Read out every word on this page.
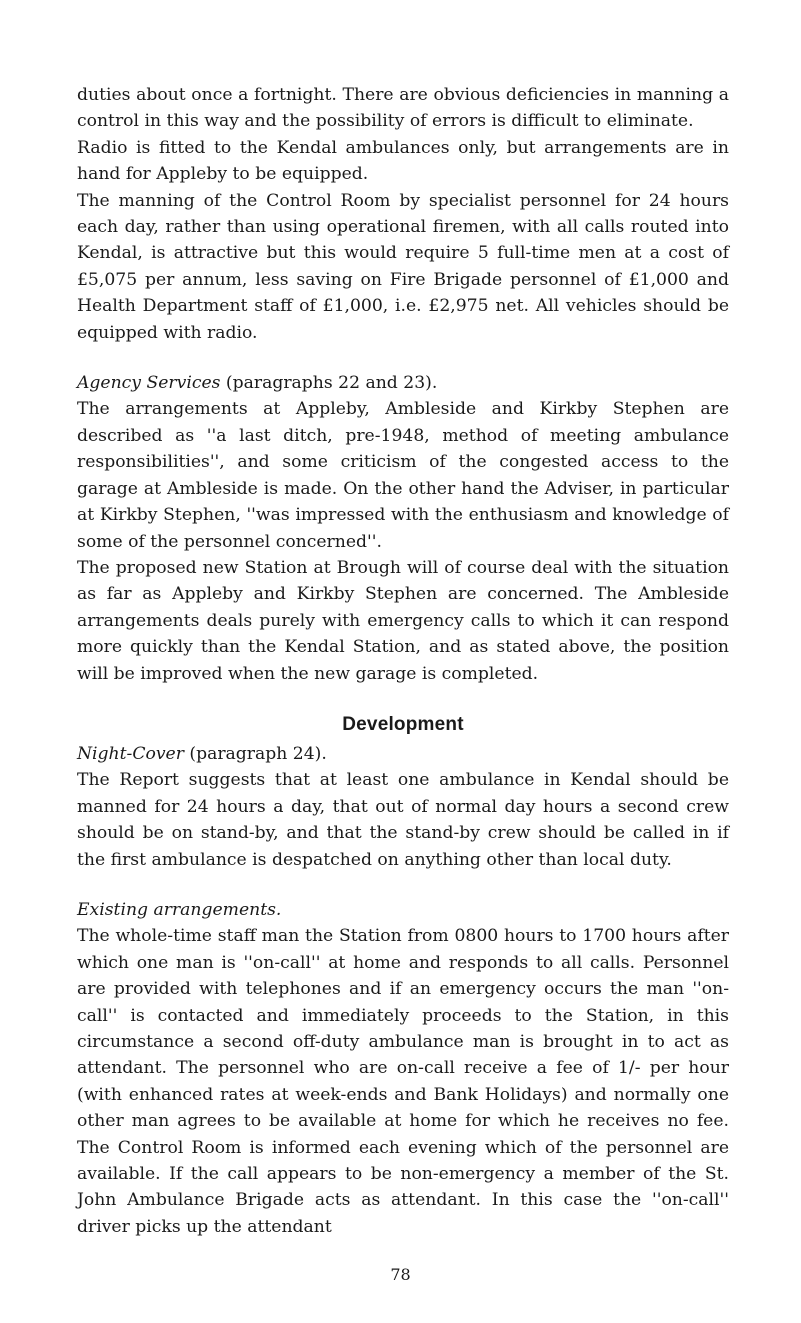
duties about once a fortnight. There are obvious deficiencies in manning a control in this way and the possibility of errors is difficult to eliminate.

Radio is fitted to the Kendal ambulances only, but arrangements are in hand for Appleby to be equipped.

The manning of the Control Room by specialist personnel for 24 hours each day, rather than using operational firemen, with all calls routed into Kendal, is attractive but this would require 5 full-time men at a cost of £5,075 per annum, less saving on Fire Brigade personnel of £1,000 and Health Department staff of £1,000, i.e. £2,975 net. All vehicles should be equipped with radio.

Agency Services (paragraphs 22 and 23).

The arrangements at Appleby, Ambleside and Kirkby Stephen are described as ''a last ditch, pre-1948, method of meeting ambulance responsibilities'', and some criticism of the congested access to the garage at Ambleside is made. On the other hand the Adviser, in particular at Kirkby Stephen, ''was impressed with the enthusiasm and knowledge of some of the personnel concerned''.

The proposed new Station at Brough will of course deal with the situation as far as Appleby and Kirkby Stephen are concerned. The Ambleside arrangements deals purely with emergency calls to which it can respond more quickly than the Kendal Station, and as stated above, the position will be improved when the new garage is completed.

Development

Night-Cover (paragraph 24).

The Report suggests that at least one ambulance in Kendal should be manned for 24 hours a day, that out of normal day hours a second crew should be on stand-by, and that the stand-by crew should be called in if the first ambulance is despatched on anything other than local duty.

Existing arrangements.

The whole-time staff man the Station from 0800 hours to 1700 hours after which one man is ''on-call'' at home and responds to all calls. Personnel are provided with telephones and if an emergency occurs the man ''on-call'' is contacted and immediately proceeds to the Station, in this circumstance a second off-duty ambulance man is brought in to act as attendant. The personnel who are on-call receive a fee of 1/- per hour (with enhanced rates at week-ends and Bank Holidays) and normally one other man agrees to be available at home for which he receives no fee. The Control Room is informed each evening which of the personnel are available. If the call appears to be non-emergency a member of the St. John Ambulance Brigade acts as attendant. In this case the ''on-call'' driver picks up the attendant

78
